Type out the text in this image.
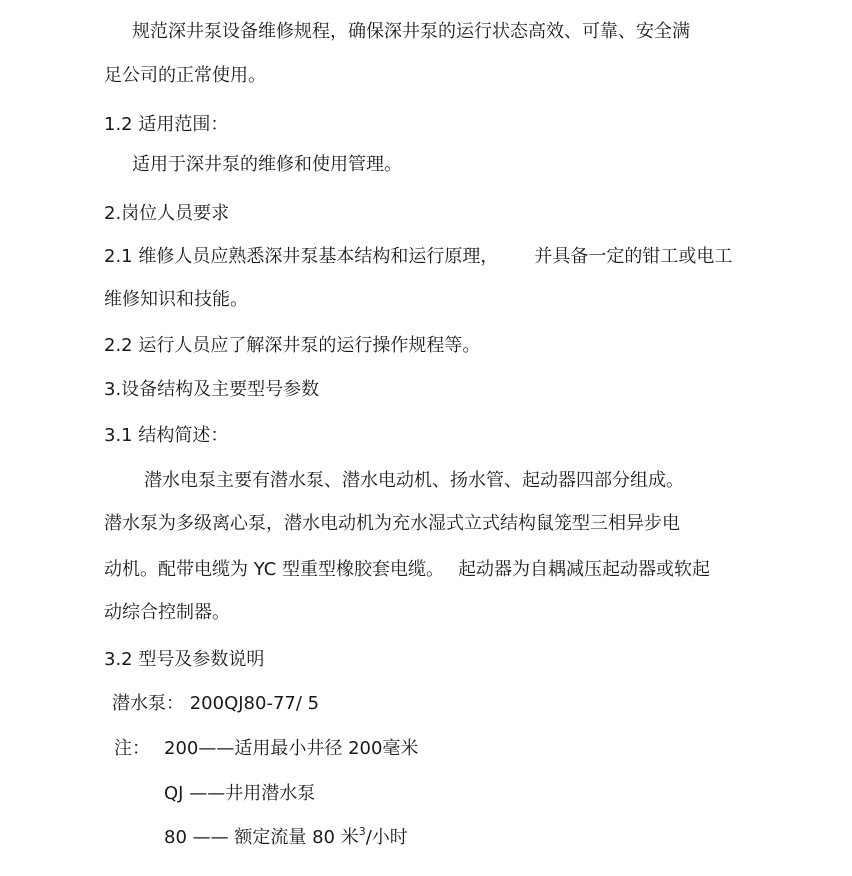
规范深井泵设备维修规程，确保深井泵的运行状态高效、可靠、安全满
足公司的正常使用。
1.2 适用范围：
适用于深井泵的维修和使用管理。
2.岗位人员要求
2.1 维修人员应熟悉深井泵基本结构和运行原理， 并具备一定的钳工或电工
维修知识和技能。
2.2 运行人员应了解深井泵的运行操作规程等。
3.设备结构及主要型号参数
3.1 结构简述：
潜水电泵主要有潜水泵、潜水电动机、扬水管、起动器四部分组成。
潜水泵为多级离心泵，潜水电动机为充水湿式立式结构鼠笼型三相异步电
动机。配带电缆为 YC 型重型橡胶套电缆。 起动器为自耦减压起动器或软起
动综合控制器。
3.2 型号及参数说明
潜水泵： 200QJ80-77/ 5
注： 200——适用最小井径 200毫米
QJ ——井用潜水泵
80 —— 额定流量 80 米$^3$/小时
